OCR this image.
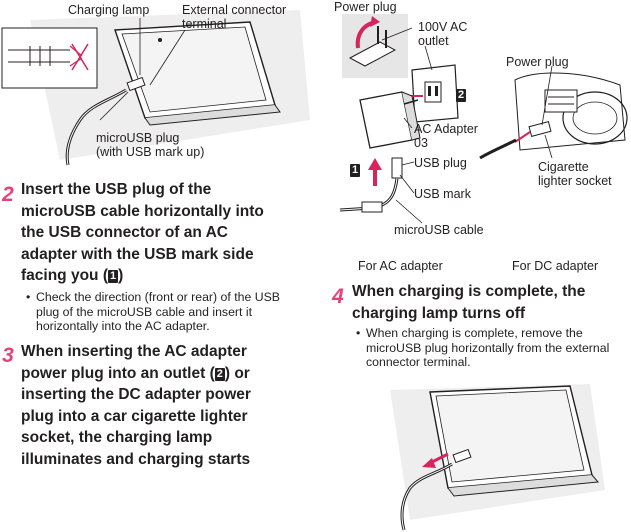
Charging lamp	External connector
terminal
microUSB plug
(with USB mark up)
Power plug
100V AC
outlet
Power plug
AC Adapter
03
USB plug
USB mark
microUSB cable
Cigarette
lighter socket
1
2
For AC adapter	For DC adapter
2 Insert the USB plug of the
microUSB cable horizontally into
the USB connector of an AC
adapter with the USB mark side
facing you ( 1 )
• Check the direction (front or rear) of the USB
plug of the microUSB cable and insert it
horizontally into the AC adapter.
3 When inserting the AC adapter
power plug into an outlet ( 2 ) or
inserting the DC adapter power
plug into a car cigarette lighter
socket, the charging lamp
illuminates and charging starts
4 When charging is complete, the
charging lamp turns off
• When charging is complete, remove the
microUSB plug horizontally from the external
connector terminal.
